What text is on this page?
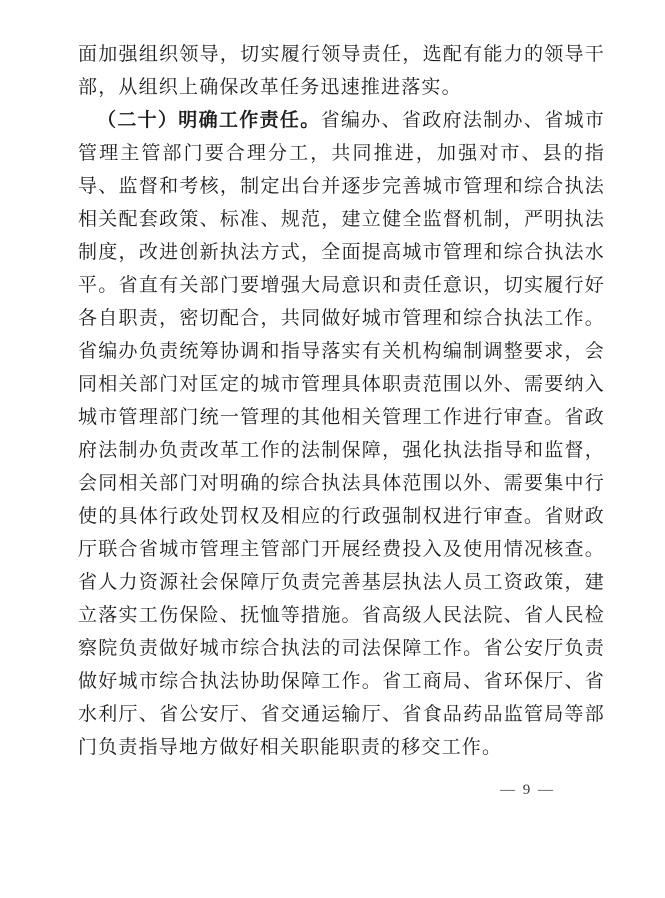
面加强组织领导，切实履行领导责任，选配有能力的领导干部，从组织上确保改革任务迅速推进落实。

（二十）明确工作责任。省编办、省政府法制办、省城市管理主管部门要合理分工，共同推进，加强对市、县的指导、监督和考核，制定出台并逐步完善城市管理和综合执法相关配套政策、标准、规范，建立健全监督机制，严明执法制度，改进创新执法方式，全面提高城市管理和综合执法水平。省直有关部门要增强大局意识和责任意识，切实履行好各自职责，密切配合，共同做好城市管理和综合执法工作。省编办负责统筹协调和指导落实有关机构编制调整要求，会同相关部门对匡定的城市管理具体职责范围以外、需要纳入城市管理部门统一管理的其他相关管理工作进行审查。省政府法制办负责改革工作的法制保障，强化执法指导和监督，会同相关部门对明确的综合执法具体范围以外、需要集中行使的具体行政处罚权及相应的行政强制权进行审查。省财政厅联合省城市管理主管部门开展经费投入及使用情况核查。省人力资源社会保障厅负责完善基层执法人员工资政策，建立落实工伤保险、抚恤等措施。省高级人民法院、省人民检察院负责做好城市综合执法的司法保障工作。省公安厅负责做好城市综合执法协助保障工作。省工商局、省环保厅、省水利厅、省公安厅、省交通运输厅、省食品药品监管局等部门负责指导地方做好相关职能职责的移交工作。

— 9 —
